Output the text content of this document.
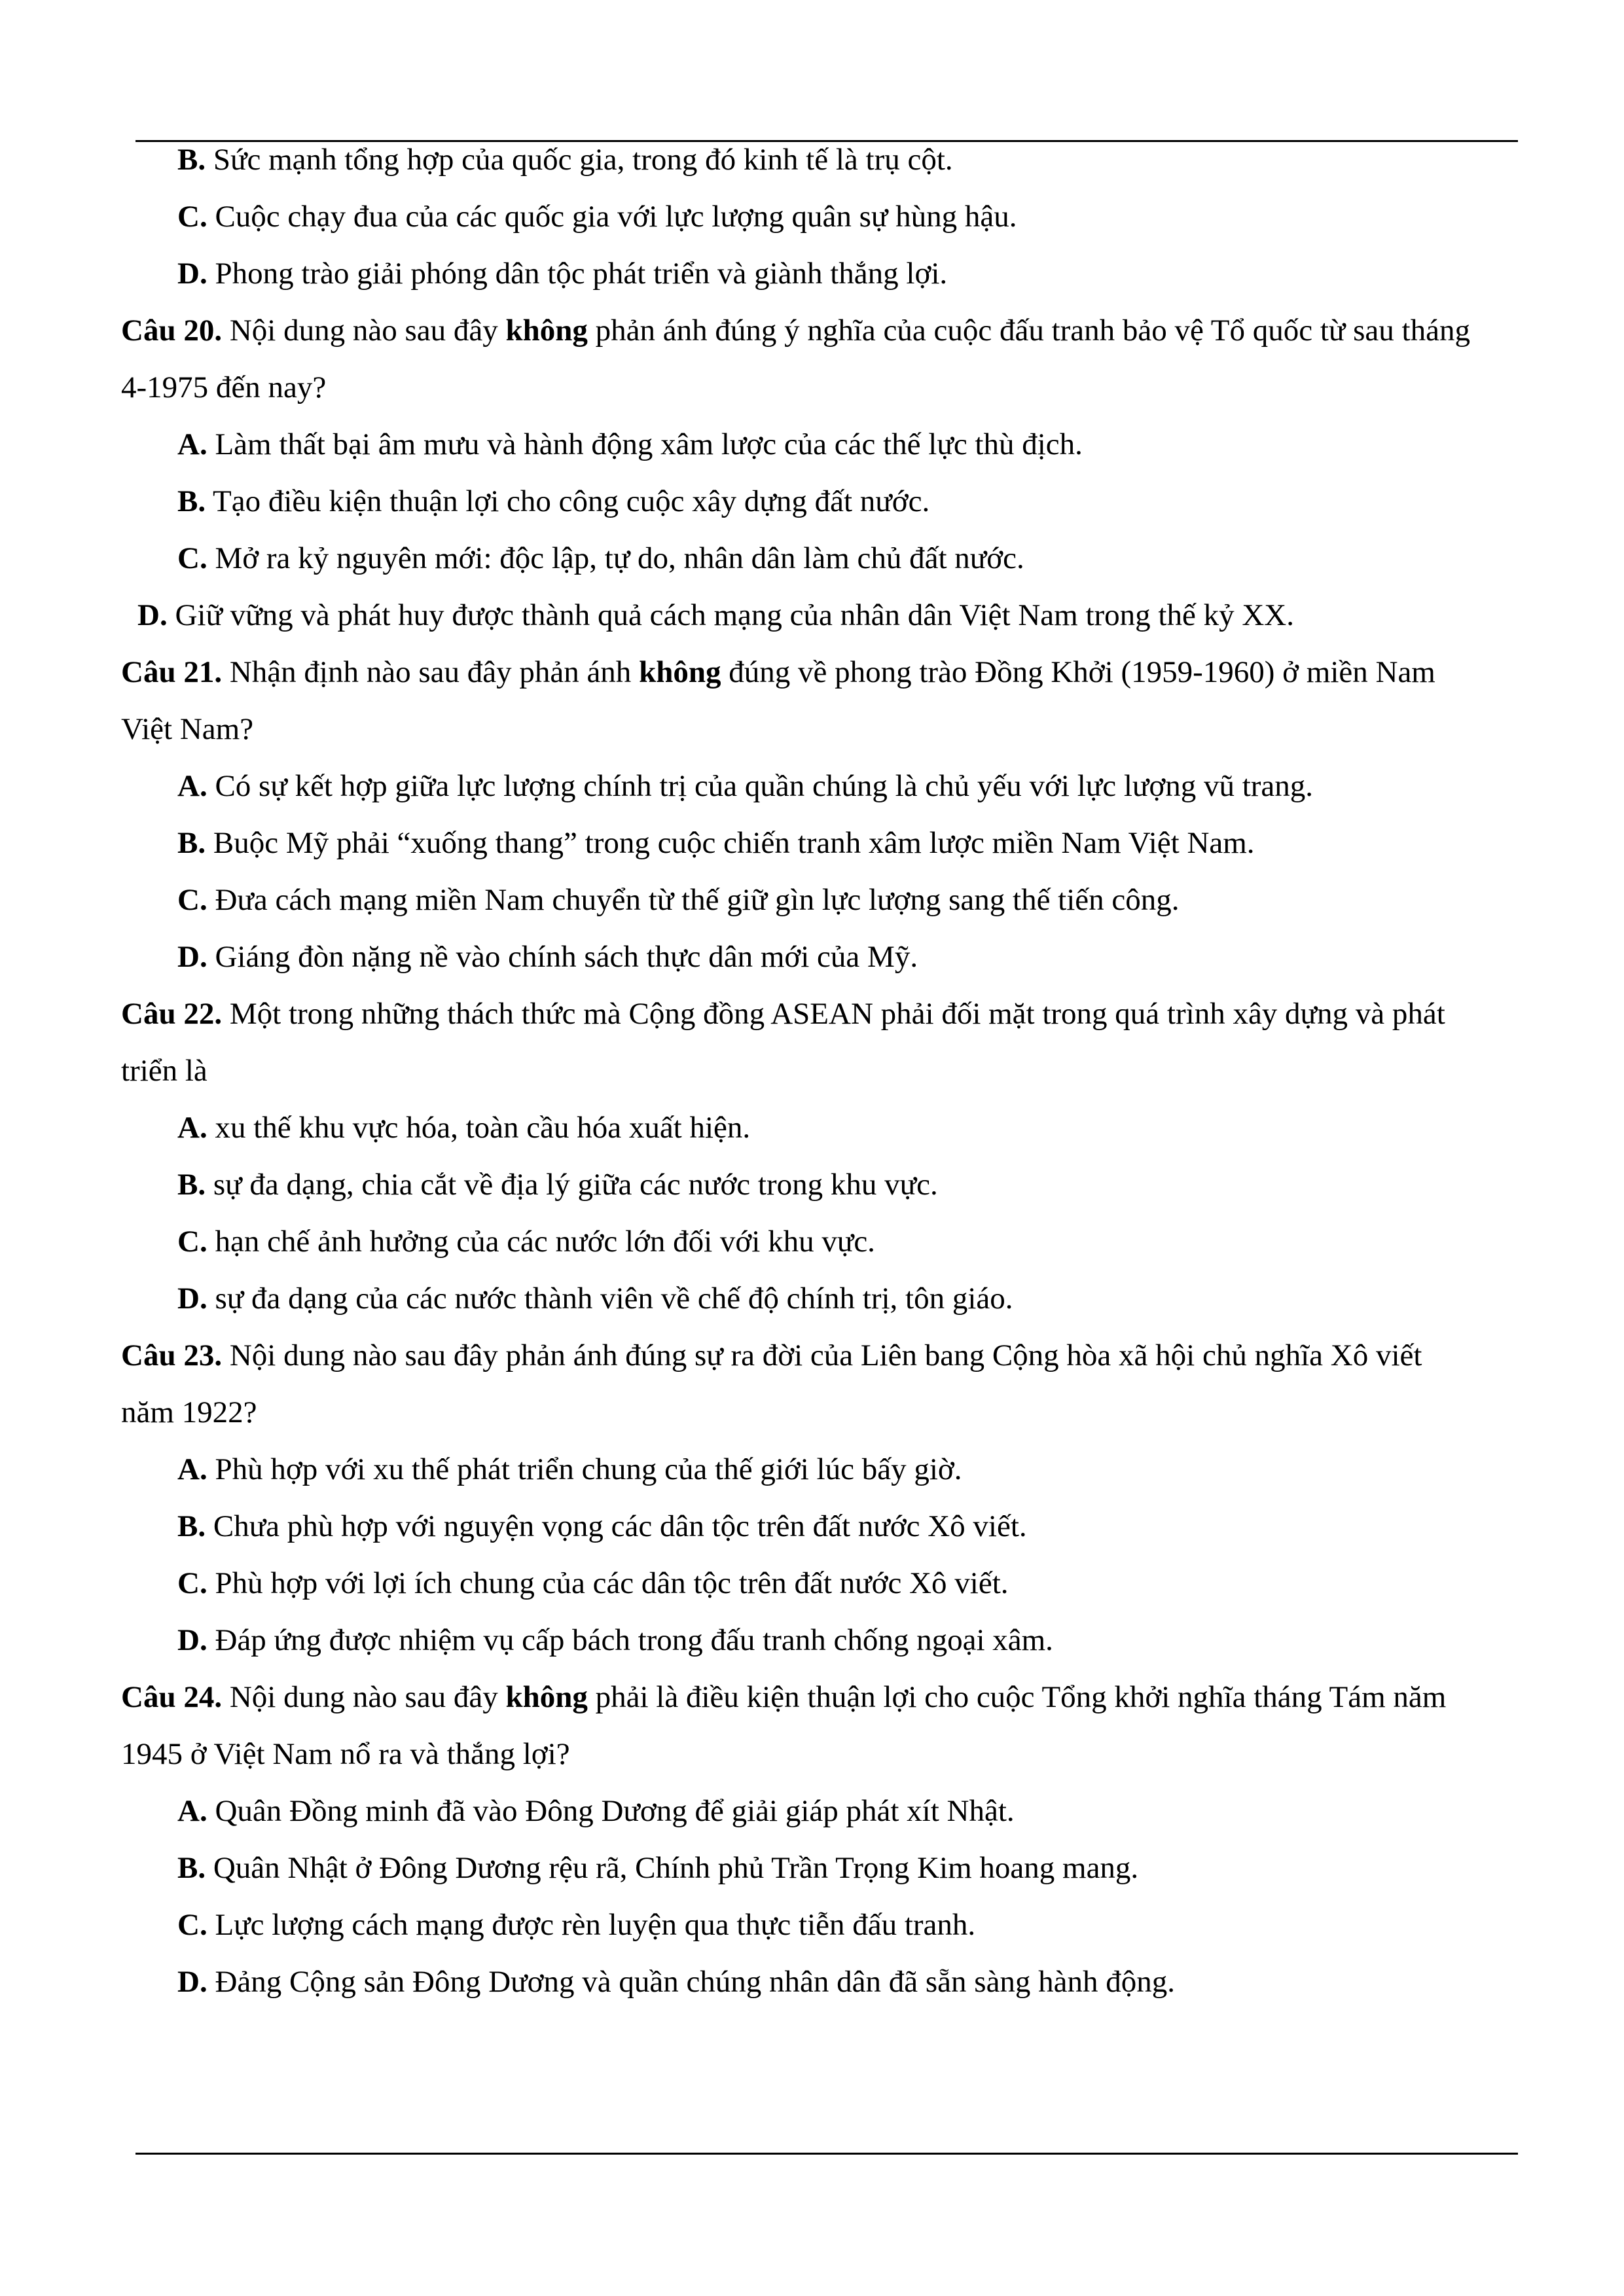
B. Sức mạnh tổng hợp của quốc gia, trong đó kinh tế là trụ cột.
C. Cuộc chạy đua của các quốc gia với lực lượng quân sự hùng hậu.
D. Phong trào giải phóng dân tộc phát triển và giành thắng lợi.
Câu 20. Nội dung nào sau đây không phản ánh đúng ý nghĩa của cuộc đấu tranh bảo vệ Tổ quốc từ sau tháng
4-1975 đến nay?
A. Làm thất bại âm mưu và hành động xâm lược của các thế lực thù địch.
B. Tạo điều kiện thuận lợi cho công cuộc xây dựng đất nước.
C. Mở ra kỷ nguyên mới: độc lập, tự do, nhân dân làm chủ đất nước.
D. Giữ vững và phát huy được thành quả cách mạng của nhân dân Việt Nam trong thế kỷ XX.
Câu 21. Nhận định nào sau đây phản ánh không đúng về phong trào Đồng Khởi (1959-1960) ở miền Nam
Việt Nam?
A. Có sự kết hợp giữa lực lượng chính trị của quần chúng là chủ yếu với lực lượng vũ trang.
B. Buộc Mỹ phải “xuống thang” trong cuộc chiến tranh xâm lược miền Nam Việt Nam.
C. Đưa cách mạng miền Nam chuyển từ thế giữ gìn lực lượng sang thế tiến công.
D. Giáng đòn nặng nề vào chính sách thực dân mới của Mỹ.
Câu 22. Một trong những thách thức mà Cộng đồng ASEAN phải đối mặt trong quá trình xây dựng và phát
triển là
A. xu thế khu vực hóa, toàn cầu hóa xuất hiện.
B. sự đa dạng, chia cắt về địa lý giữa các nước trong khu vực.
C. hạn chế ảnh hưởng của các nước lớn đối với khu vực.
D. sự đa dạng của các nước thành viên về chế độ chính trị, tôn giáo.
Câu 23. Nội dung nào sau đây phản ánh đúng sự ra đời của Liên bang Cộng hòa xã hội chủ nghĩa Xô viết
năm 1922?
A. Phù hợp với xu thế phát triển chung của thế giới lúc bấy giờ.
B. Chưa phù hợp với nguyện vọng các dân tộc trên đất nước Xô viết.
C. Phù hợp với lợi ích chung của các dân tộc trên đất nước Xô viết.
D. Đáp ứng được nhiệm vụ cấp bách trong đấu tranh chống ngoại xâm.
Câu 24. Nội dung nào sau đây không phải là điều kiện thuận lợi cho cuộc Tổng khởi nghĩa tháng Tám năm
1945 ở Việt Nam nổ ra và thắng lợi?
A. Quân Đồng minh đã vào Đông Dương để giải giáp phát xít Nhật.
B. Quân Nhật ở Đông Dương rệu rã, Chính phủ Trần Trọng Kim hoang mang.
C. Lực lượng cách mạng được rèn luyện qua thực tiễn đấu tranh.
D. Đảng Cộng sản Đông Dương và quần chúng nhân dân đã sẵn sàng hành động.
